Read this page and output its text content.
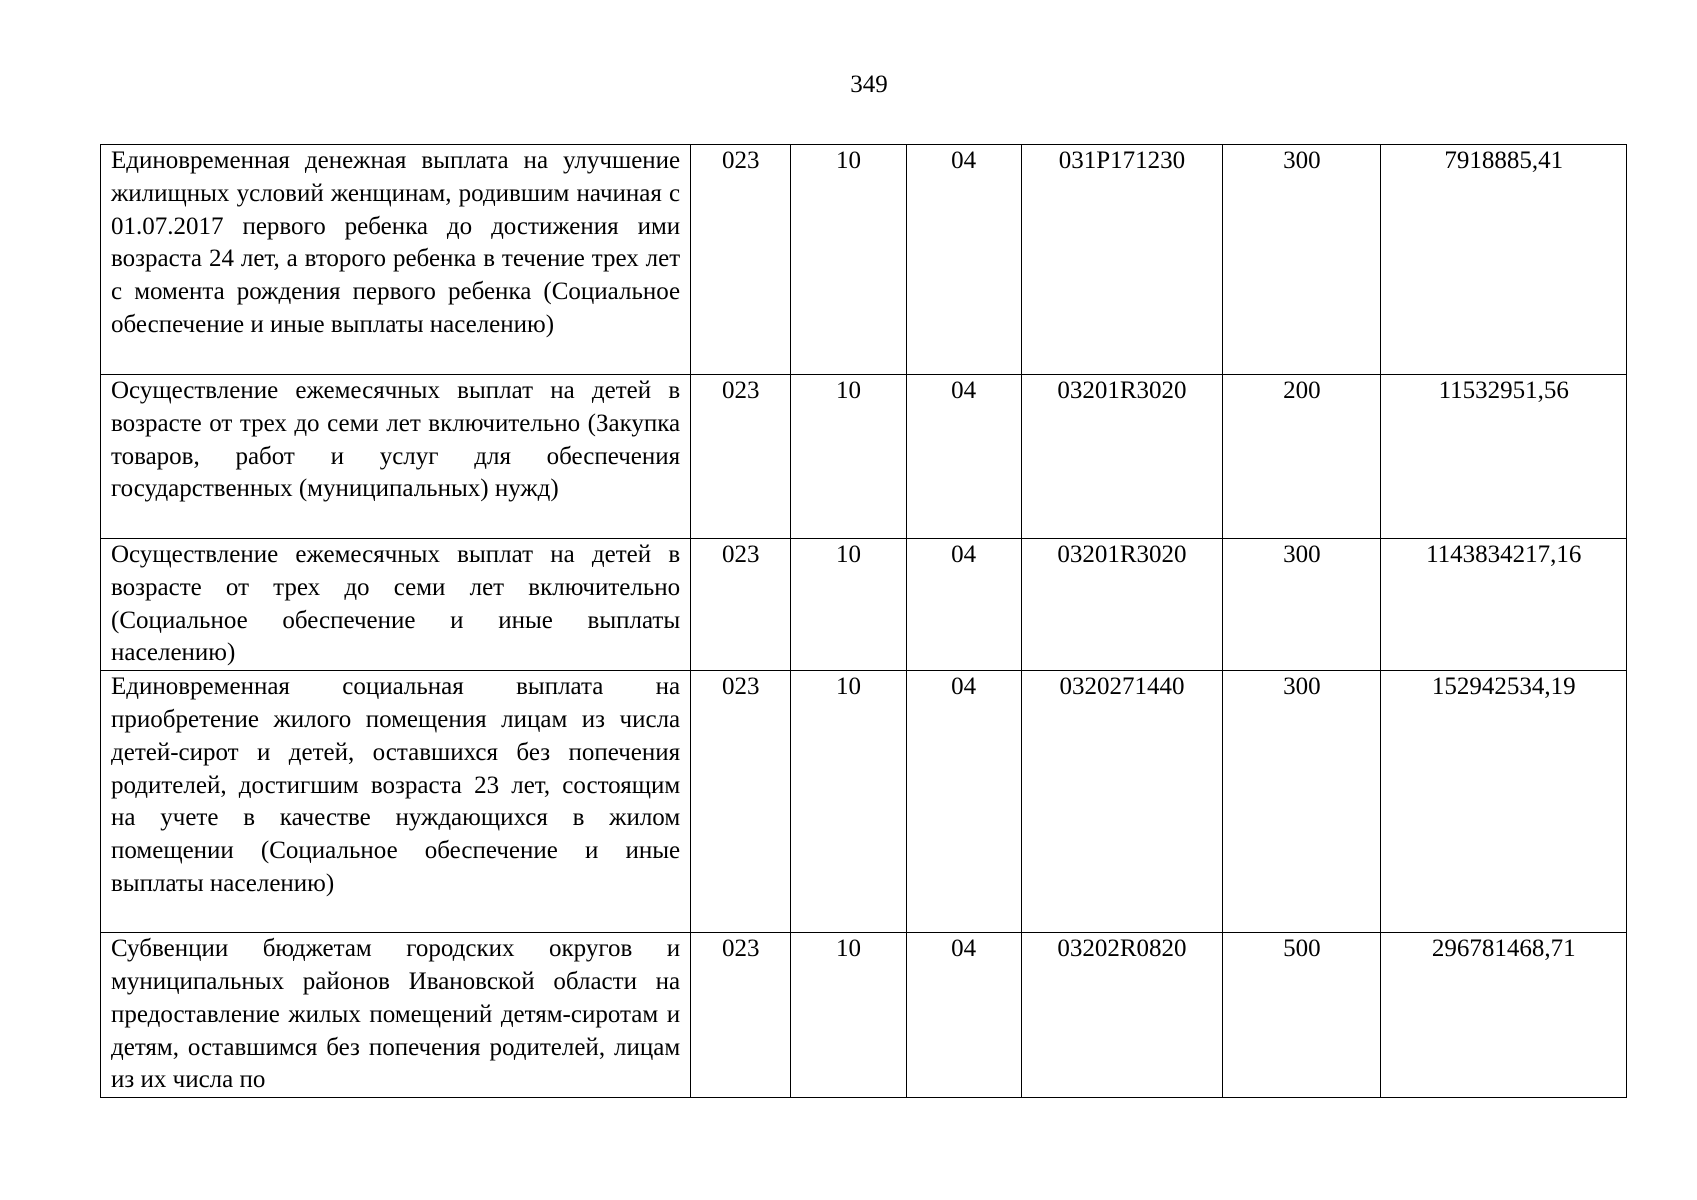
349
Единовременная денежная выплата на улучшение жилищных условий женщинам, родившим начиная с 01.07.2017 первого ребенка до достижения ими возраста 24 лет, а второго ребенка в течение трех лет с момента рождения первого ребенка (Социальное обеспечение и иные выплаты населению)	023	10	04	031P171230	300	7918885,41
Осуществление ежемесячных выплат на детей в возрасте от трех до семи лет включительно (Закупка товаров, работ и услуг для обеспечения государственных (муниципальных) нужд)	023	10	04	03201R3020	200	11532951,56
Осуществление ежемесячных выплат на детей в возрасте от трех до семи лет включительно (Социальное обеспечение и иные выплаты населению)	023	10	04	03201R3020	300	1143834217,16
Единовременная социальная выплата на приобретение жилого помещения лицам из числа детей-сирот и детей, оставшихся без попечения родителей, достигшим возраста 23 лет, состоящим на учете в качестве нуждающихся в жилом помещении (Социальное обеспечение и иные выплаты населению)	023	10	04	0320271440	300	152942534,19
Субвенции бюджетам городских округов и муниципальных районов Ивановской области на предоставление жилых помещений детям-сиротам и детям, оставшимся без попечения родителей, лицам из их числа по	023	10	04	03202R0820	500	296781468,71
